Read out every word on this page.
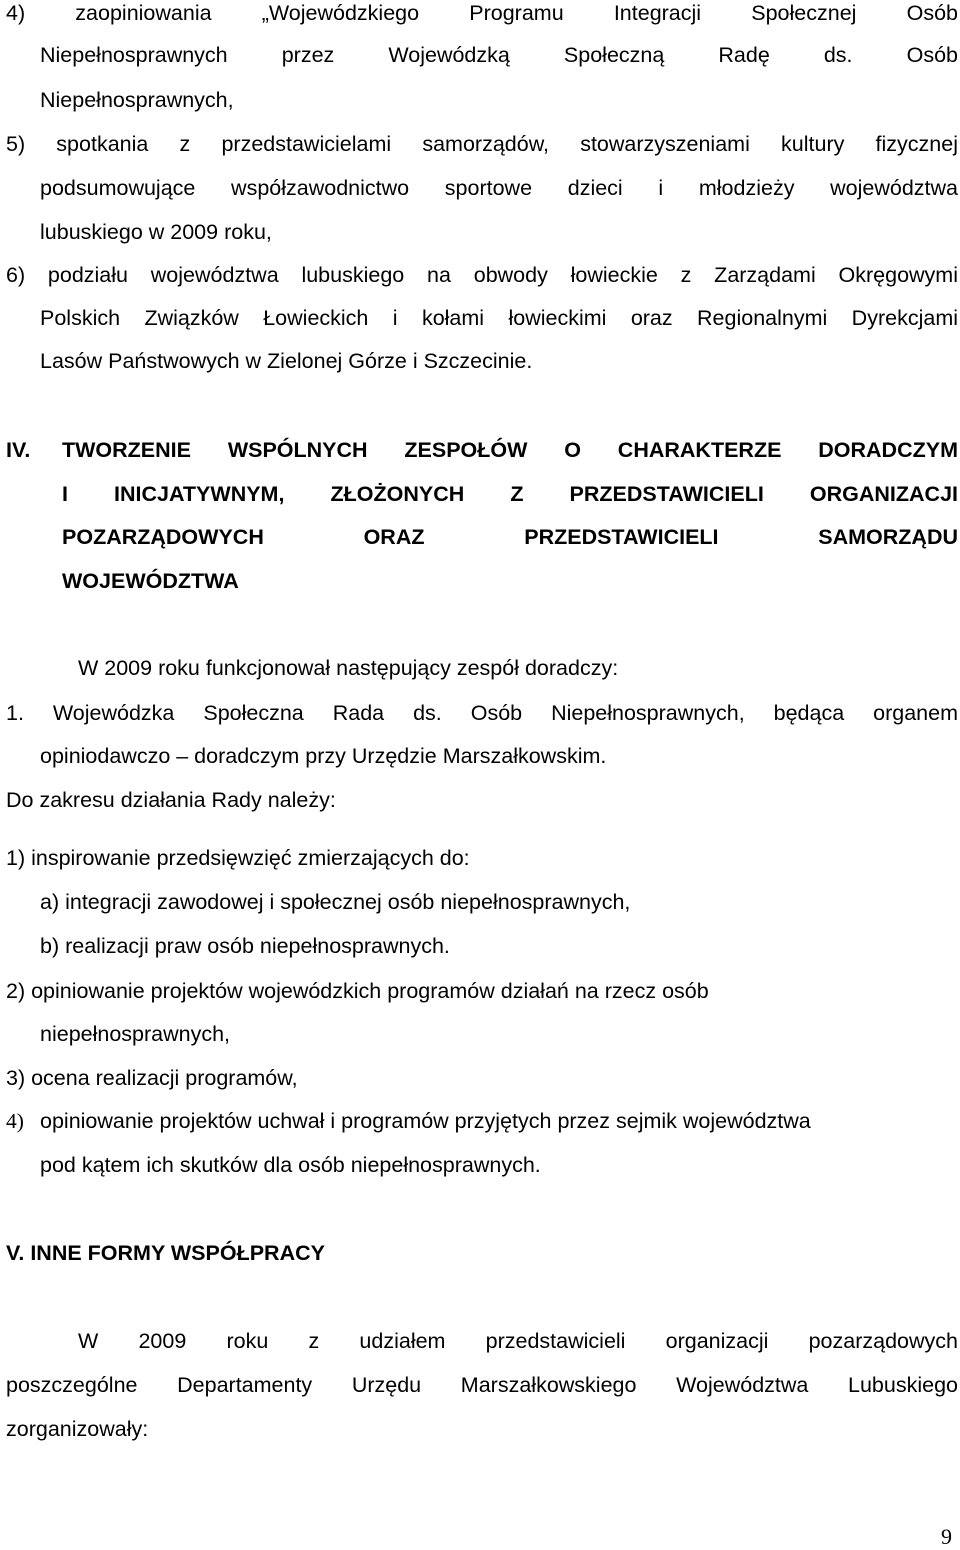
4) zaopiniowania „Wojewódzkiego Programu Integracji Społecznej Osób
Niepełnosprawnych przez Wojewódzką Społeczną Radę ds. Osób
Niepełnosprawnych,
5) spotkania z przedstawicielami samorządów, stowarzyszeniami kultury fizycznej
podsumowujące współzawodnictwo sportowe dzieci i młodzieży województwa
lubuskiego w 2009 roku,
6) podziału województwa lubuskiego na obwody łowieckie z Zarządami Okręgowymi
Polskich Związków Łowieckich i kołami łowieckimi oraz Regionalnymi Dyrekcjami
Lasów Państwowych w Zielonej Górze i Szczecinie.
IV. TWORZENIE WSPÓLNYCH ZESPOŁÓW O CHARAKTERZE DORADCZYM
I INICJATYWNYM, ZŁOŻONYCH Z PRZEDSTAWICIELI ORGANIZACJI
POZARZĄDOWYCH ORAZ PRZEDSTAWICIELI SAMORZĄDU
WOJEWÓDZTWA
W 2009 roku funkcjonował następujący zespół doradczy:
1. Wojewódzka Społeczna Rada ds. Osób Niepełnosprawnych, będąca organem
opiniodawczo – doradczym przy Urzędzie Marszałkowskim.
Do zakresu działania Rady należy:
1) inspirowanie przedsięwzięć zmierzających do:
a) integracji zawodowej i społecznej osób niepełnosprawnych,
b) realizacji praw osób niepełnosprawnych.
2) opiniowanie projektów wojewódzkich programów działań na rzecz osób
niepełnosprawnych,
3) ocena realizacji programów,
4) opiniowanie projektów uchwał i programów przyjętych przez sejmik województwa
pod kątem ich skutków dla osób niepełnosprawnych.
V. INNE FORMY WSPÓŁPRACY
W 2009 roku z udziałem przedstawicieli organizacji pozarządowych
poszczególne Departamenty Urzędu Marszałkowskiego Województwa Lubuskiego
zorganizowały:
9
